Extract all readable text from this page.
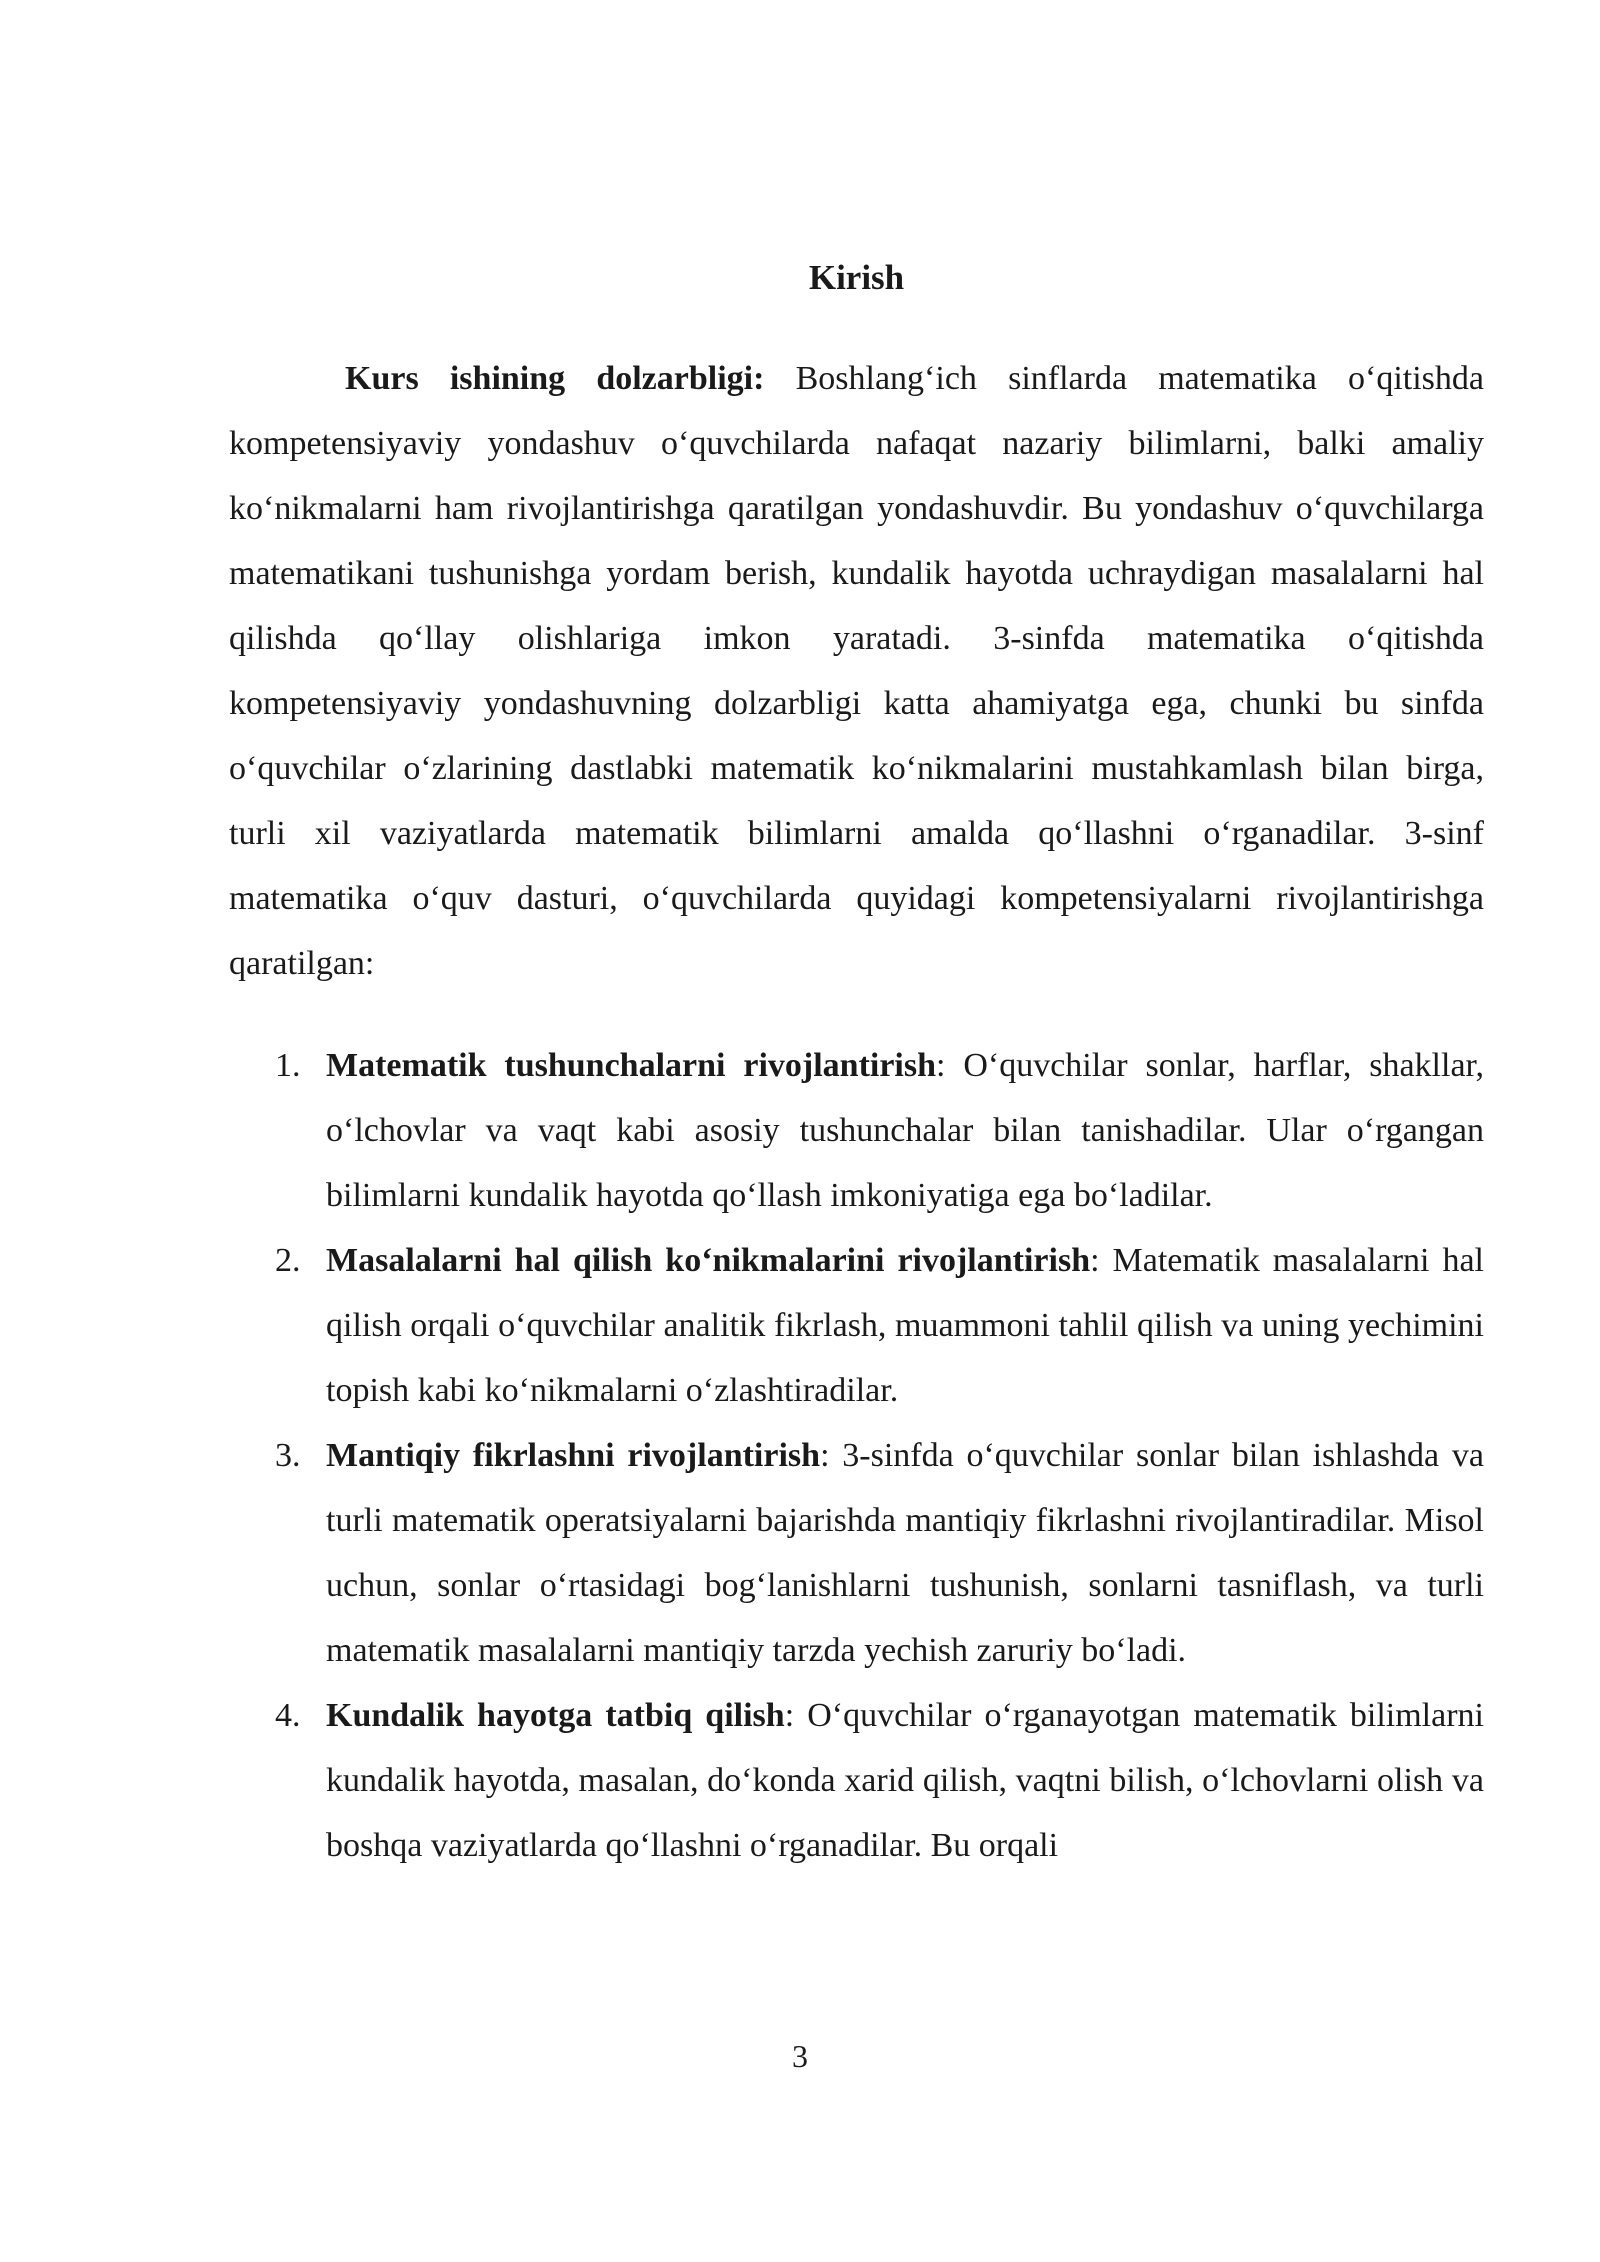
Kirish

Kurs ishining dolzarbligi: Boshlang‘ich sinflarda matematika o‘qitishda kompetensiyaviy yondashuv o‘quvchilarda nafaqat nazariy bilimlarni, balki amaliy ko‘nikmalarni ham rivojlantirishga qaratilgan yondashuvdir. Bu yondashuv o‘quvchilarga matematikani tushunishga yordam berish, kundalik hayotda uchraydigan masalalarni hal qilishda qo‘llay olishlariga imkon yaratadi. 3-sinfda matematika o‘qitishda kompetensiyaviy yondashuvning dolzarbligi katta ahamiyatga ega, chunki bu sinfda o‘quvchilar o‘zlarining dastlabki matematik ko‘nikmalarini mustahkamlash bilan birga, turli xil vaziyatlarda matematik bilimlarni amalda qo‘llashni o‘rganadilar. 3-sinf matematika o‘quv dasturi, o‘quvchilarda quyidagi kompetensiyalarni rivojlantirishga qaratilgan:

1. Matematik tushunchalarni rivojlantirish: O‘quvchilar sonlar, harflar, shakllar, o‘lchovlar va vaqt kabi asosiy tushunchalar bilan tanishadilar. Ular o‘rgangan bilimlarni kundalik hayotda qo‘llash imkoniyatiga ega bo‘ladilar.
2. Masalalarni hal qilish ko‘nikmalarini rivojlantirish: Matematik masalalarni hal qilish orqali o‘quvchilar analitik fikrlash, muammoni tahlil qilish va uning yechimini topish kabi ko‘nikmalarni o‘zlashtiradilar.
3. Mantiqiy fikrlashni rivojlantirish: 3-sinfda o‘quvchilar sonlar bilan ishlashda va turli matematik operatsiyalarni bajarishda mantiqiy fikrlashni rivojlantiradilar. Misol uchun, sonlar o‘rtasidagi bog‘lanishlarni tushunish, sonlarni tasniflash, va turli matematik masalalarni mantiqiy tarzda yechish zaruriy bo‘ladi.
4. Kundalik hayotga tatbiq qilish: O‘quvchilar o‘rganayotgan matematik bilimlarni kundalik hayotda, masalan, do‘konda xarid qilish, vaqtni bilish, o‘lchovlarni olish va boshqa vaziyatlarda qo‘llashni o‘rganadilar. Bu orqali
3
